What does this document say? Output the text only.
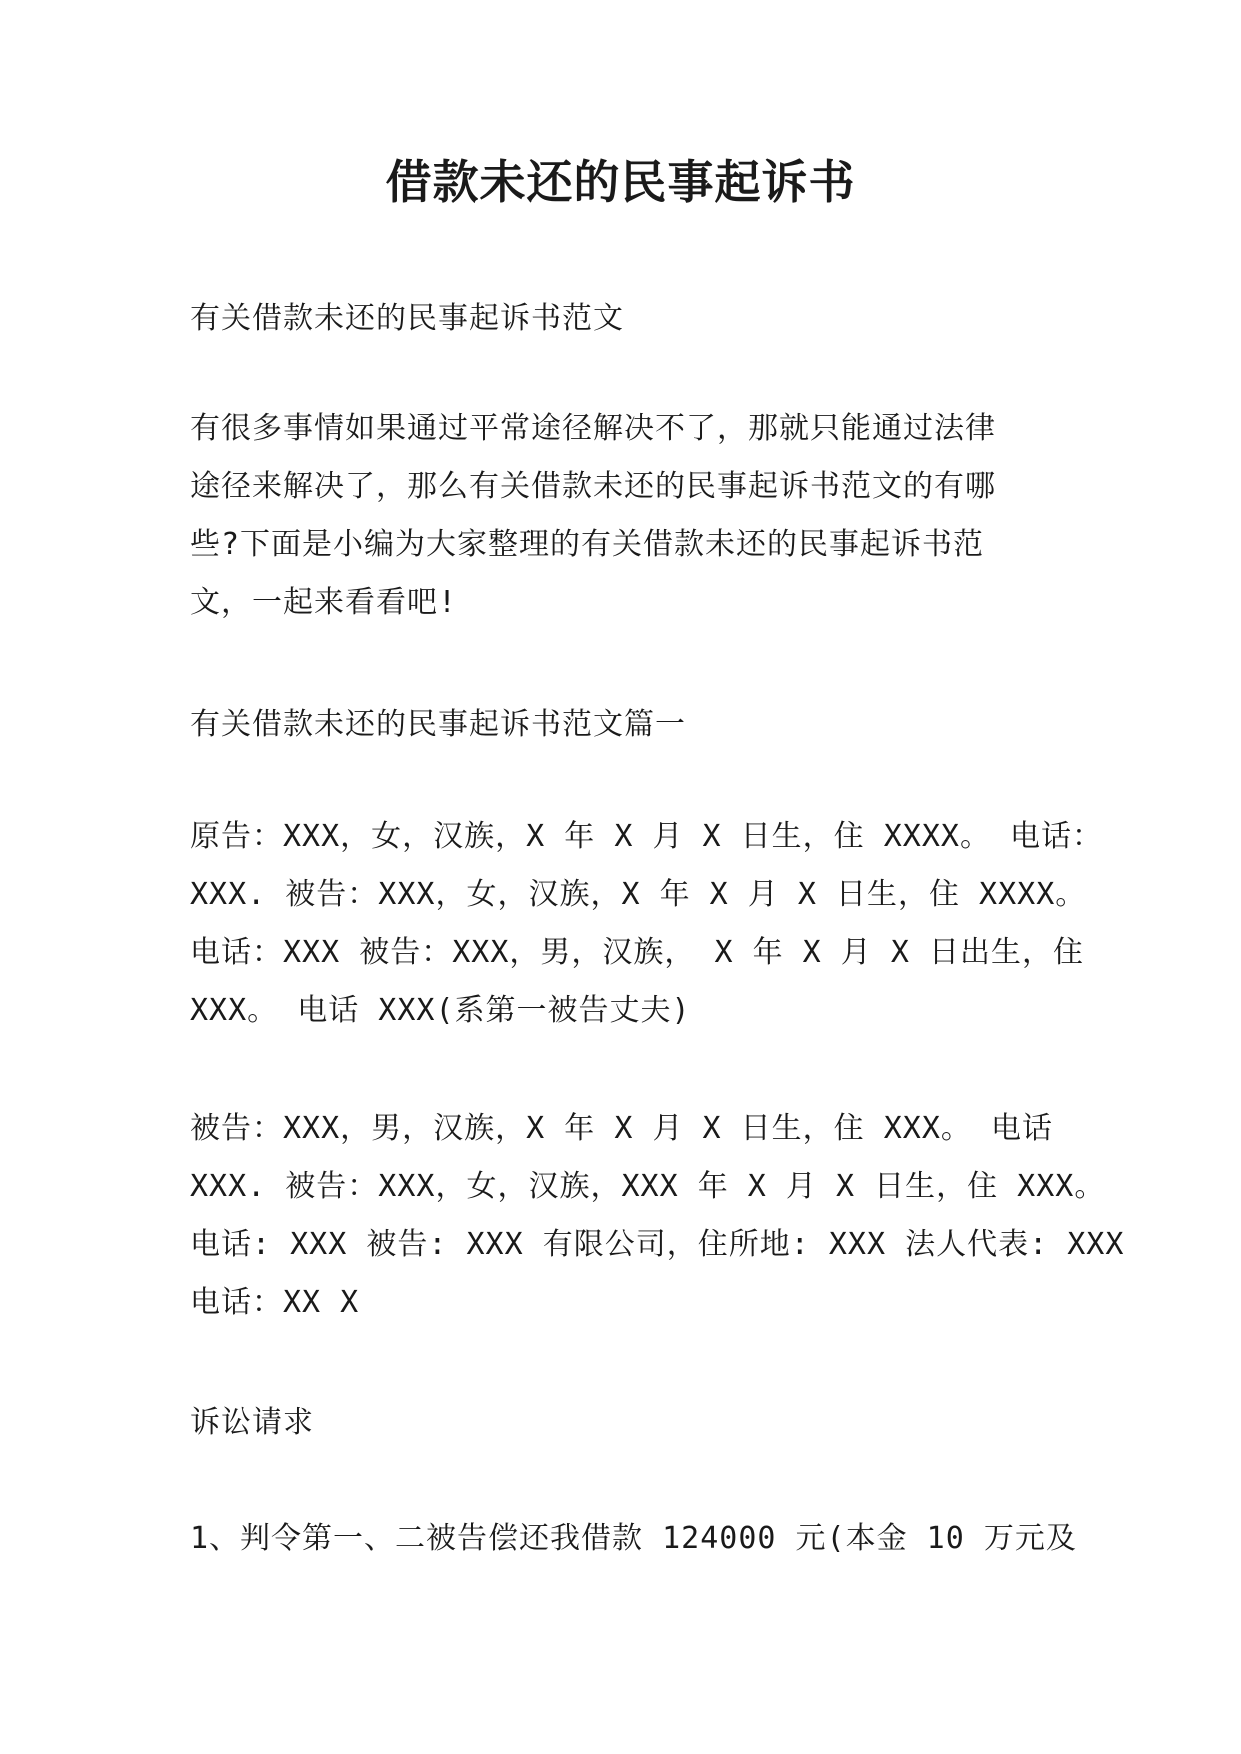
借款未还的民事起诉书
有关借款未还的民事起诉书范文
有很多事情如果通过平常途径解决不了，那就只能通过法律
途径来解决了，那么有关借款未还的民事起诉书范文的有哪
些?下面是小编为大家整理的有关借款未还的民事起诉书范
文，一起来看看吧!
有关借款未还的民事起诉书范文篇一
原告：XXX，女，汉族，X 年 X 月 X 日生，住 XXXX。 电话：
XXX. 被告：XXX，女，汉族，X 年 X 月 X 日生，住 XXXX。
电话：XXX 被告：XXX，男，汉族， X 年 X 月 X 日出生，住
XXX。 电话 XXX(系第一被告丈夫)
被告：XXX，男，汉族，X 年 X 月 X 日生，住 XXX。 电话
XXX. 被告：XXX，女，汉族，XXX 年 X 月 X 日生，住 XXX。
电话: XXX 被告: XXX 有限公司，住所地: XXX 法人代表: XXX
电话：XX X
诉讼请求
1、判令第一、二被告偿还我借款 124000 元(本金 10 万元及
